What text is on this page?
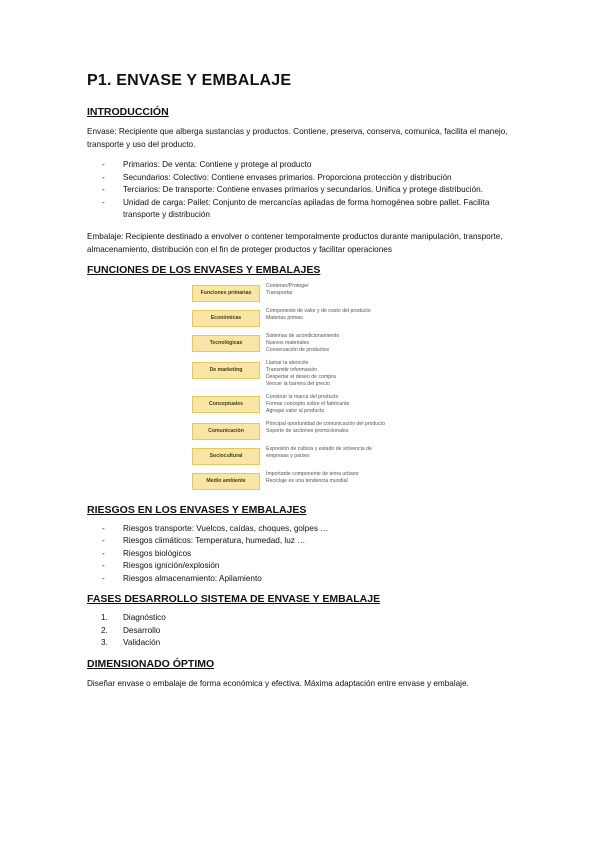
P1. ENVASE Y EMBALAJE
INTRODUCCIÓN

Envase: Recipiente que alberga sustancias y productos. Contiene, preserva, conserva, comunica, facilita el manejo, transporte y uso del producto.

- Primarios: De venta: Contiene y protege al producto
- Secundarios: Colectivo: Contiene envases primarios. Proporciona protección y distribución
- Terciarios: De transporte: Contiene envases primarios y secundarios. Unifica y protege distribución.
- Unidad de carga: Pallet: Conjunto de mercancías apiladas de forma homogénea sobre pallet. Facilita transporte y distribución

Embalaje: Recipiente destinado a envolver o contener temporalmente productos durante manipulación, transporte, almacenamiento, distribución con el fin de proteger productos y facilitar operaciones

FUNCIONES DE LOS ENVASES Y EMBALAJES
Funciones primarias
Contener/Proteger
Transportar
Económicas
Componente de valor y de costo del producto
Materias primas
Tecnológicas
Sistemas de acondicionamiento
Nuevos materiales
Conservación de productos
De marketing
Llamar la atención
Transmitir información
Despertar el deseo de compra
Vencer la barrera del precio
Conceptuales
Construir la marca del producto
Formar concepto sobre el fabricante
Agregar valor al producto
Comunicación
Principal oportunidad de comunicación del producto
Soporte de acciones promocionales
Sociocultural
Expresión de cultura y estado de solvencia de
empresas y países
Medio ambiente
Importante componente de tema urbano
Reciclaje es una tendencia mundial
RIESGOS EN LOS ENVASES Y EMBALAJES
- Riesgos transporte: Vuelcos, caídas, choques, golpes …
- Riesgos climáticos: Temperatura, humedad, luz …
- Riesgos biológicos
- Riesgos ignición/explosión
- Riesgos almacenamiento: Apilamiento
FASES DESARROLLO SISTEMA DE ENVASE Y EMBALAJE
1. Diagnóstico
2. Desarrollo
3. Validación
DIMENSIONADO ÓPTIMO

Diseñar envase o embalaje de forma económica y efectiva. Máxima adaptación entre envase y embalaje.
